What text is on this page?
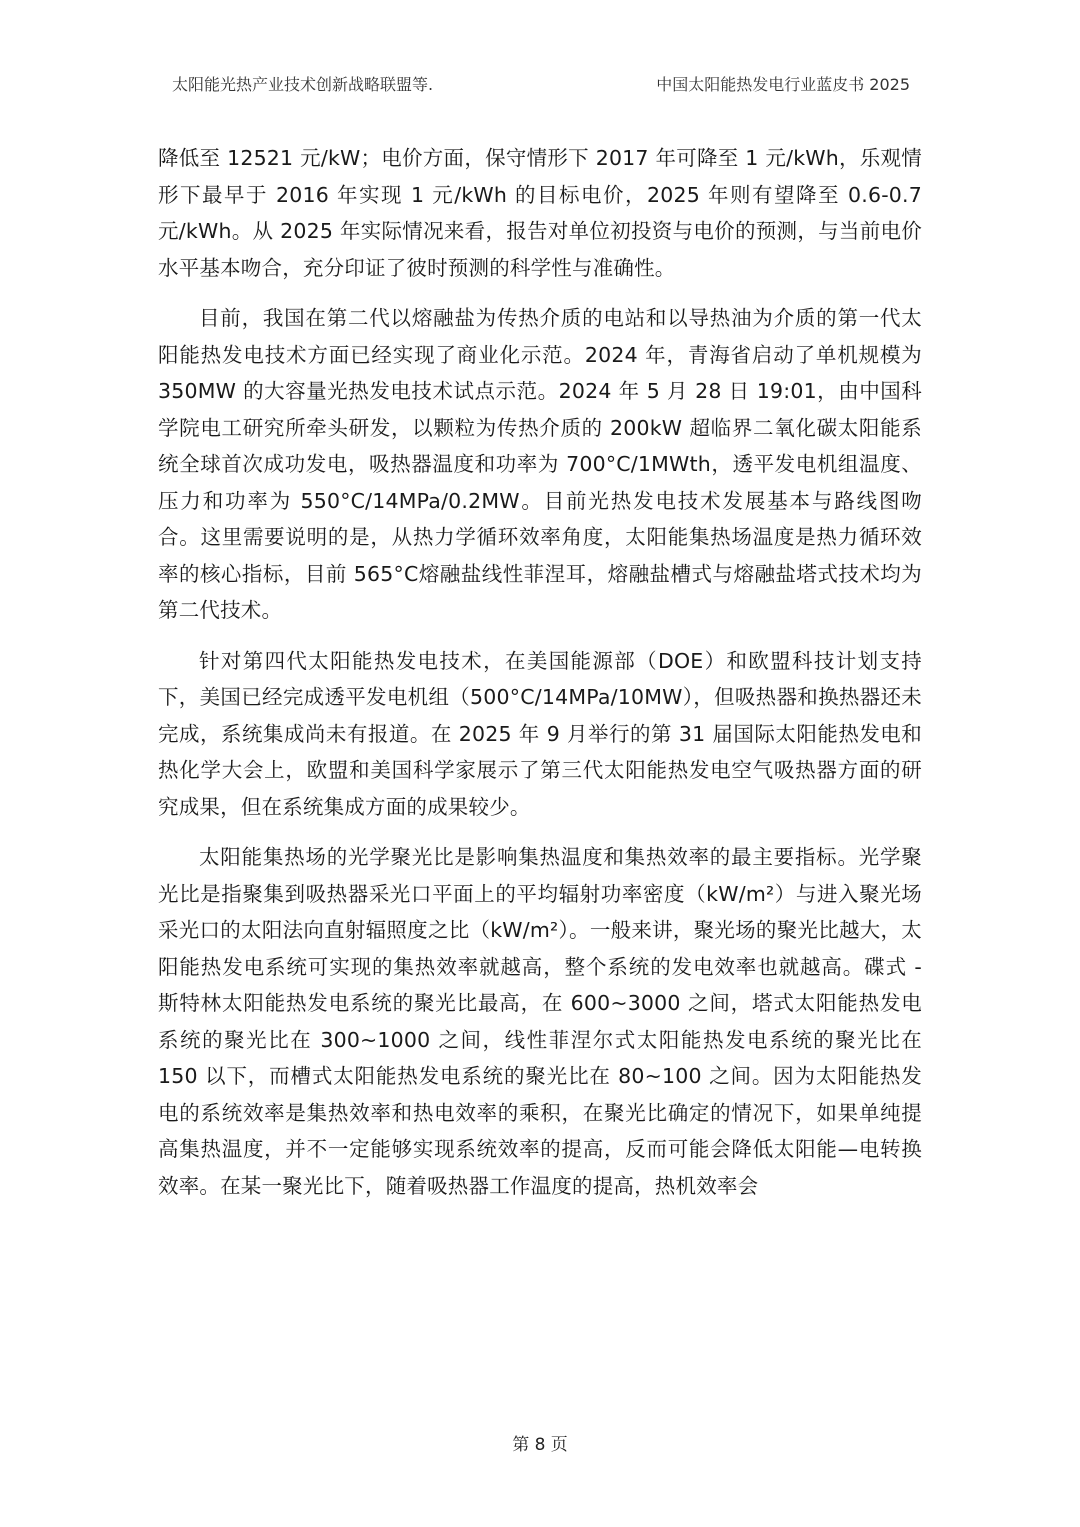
太阳能光热产业技术创新战略联盟等.	中国太阳能热发电行业蓝皮书 2025

降低至 12521 元/kW；电价方面，保守情形下 2017 年可降至 1 元/kWh，乐观情形下最早于 2016 年实现 1 元/kWh 的目标电价，2025 年则有望降至 0.6-0.7 元/kWh。从 2025 年实际情况来看，报告对单位初投资与电价的预测，与当前电价水平基本吻合，充分印证了彼时预测的科学性与准确性。

目前，我国在第二代以熔融盐为传热介质的电站和以导热油为介质的第一代太阳能热发电技术方面已经实现了商业化示范。2024 年，青海省启动了单机规模为 350MW 的大容量光热发电技术试点示范。2024 年 5 月 28 日 19:01，由中国科学院电工研究所牵头研发，以颗粒为传热介质的 200kW 超临界二氧化碳太阳能系统全球首次成功发电，吸热器温度和功率为 700°C/1MWth，透平发电机组温度、压力和功率为 550°C/14MPa/0.2MW。目前光热发电技术发展基本与路线图吻合。这里需要说明的是，从热力学循环效率角度，太阳能集热场温度是热力循环效率的核心指标，目前 565°C熔融盐线性菲涅耳，熔融盐槽式与熔融盐塔式技术均为第二代技术。

针对第四代太阳能热发电技术，在美国能源部（DOE）和欧盟科技计划支持下，美国已经完成透平发电机组（500°C/14MPa/10MW），但吸热器和换热器还未完成，系统集成尚未有报道。在 2025 年 9 月举行的第 31 届国际太阳能热发电和热化学大会上，欧盟和美国科学家展示了第三代太阳能热发电空气吸热器方面的研究成果，但在系统集成方面的成果较少。

太阳能集热场的光学聚光比是影响集热温度和集热效率的最主要指标。光学聚光比是指聚集到吸热器采光口平面上的平均辐射功率密度（kW/m²）与进入聚光场采光口的太阳法向直射辐照度之比（kW/m²）。一般来讲，聚光场的聚光比越大，太阳能热发电系统可实现的集热效率就越高，整个系统的发电效率也就越高。碟式 - 斯特林太阳能热发电系统的聚光比最高，在 600~3000 之间，塔式太阳能热发电系统的聚光比在 300~1000 之间，线性菲涅尔式太阳能热发电系统的聚光比在 150 以下，而槽式太阳能热发电系统的聚光比在 80~100 之间。因为太阳能热发电的系统效率是集热效率和热电效率的乘积，在聚光比确定的情况下，如果单纯提高集热温度，并不一定能够实现系统效率的提高，反而可能会降低太阳能—电转换效率。在某一聚光比下，随着吸热器工作温度的提高，热机效率会

第 8 页
